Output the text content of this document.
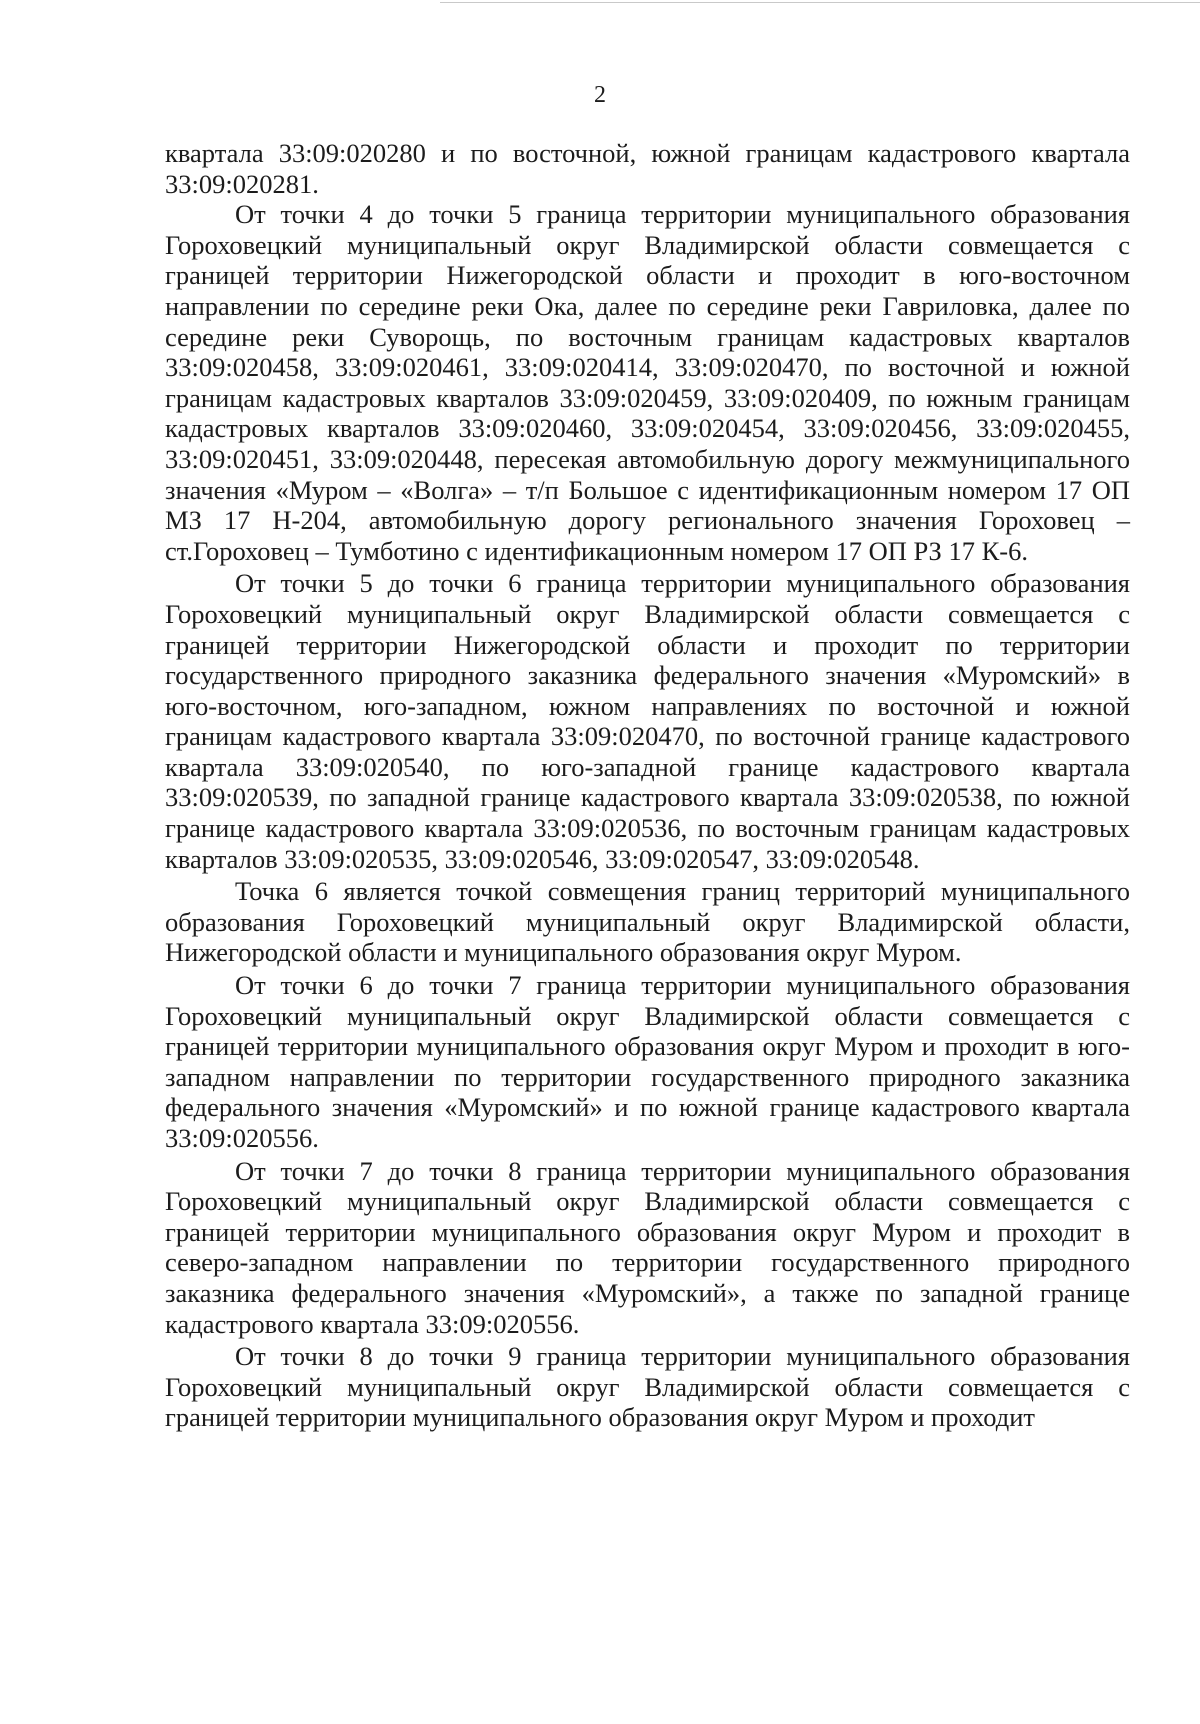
2

квартала 33:09:020280 и по восточной, южной границам кадастрового квартала 33:09:020281.

От точки 4 до точки 5 граница территории муниципального образования Гороховецкий муниципальный округ Владимирской области совмещается с границей территории Нижегородской области и проходит в юго-восточном направлении по середине реки Ока, далее по середине реки Гавриловка, далее по середине реки Суворощь, по восточным границам кадастровых кварталов 33:09:020458, 33:09:020461, 33:09:020414, 33:09:020470, по восточной и южной границам кадастровых кварталов 33:09:020459, 33:09:020409, по южным границам кадастровых кварталов 33:09:020460, 33:09:020454, 33:09:020456, 33:09:020455, 33:09:020451, 33:09:020448, пересекая автомобильную дорогу межмуниципального значения «Муром – «Волга» – т/п Большое с идентификационным номером 17 ОП МЗ 17 Н-204, автомобильную дорогу регионального значения Гороховец – ст.Гороховец – Тумботино с идентификационным номером 17 ОП РЗ 17 К-6.

От точки 5 до точки 6 граница территории муниципального образования Гороховецкий муниципальный округ Владимирской области совмещается с границей территории Нижегородской области и проходит по территории государственного природного заказника федерального значения «Муромский» в юго-восточном, юго-западном, южном направлениях по восточной и южной границам кадастрового квартала 33:09:020470, по восточной границе кадастрового квартала 33:09:020540, по юго-западной границе кадастрового квартала 33:09:020539, по западной границе кадастрового квартала 33:09:020538, по южной границе кадастрового квартала 33:09:020536, по восточным границам кадастровых кварталов 33:09:020535, 33:09:020546, 33:09:020547, 33:09:020548.

Точка 6 является точкой совмещения границ территорий муниципального образования Гороховецкий муниципальный округ Владимирской области, Нижегородской области и муниципального образования округ Муром.

От точки 6 до точки 7 граница территории муниципального образования Гороховецкий муниципальный округ Владимирской области совмещается с границей территории муниципального образования округ Муром и проходит в юго-западном направлении по территории государственного природного заказника федерального значения «Муромский» и по южной границе кадастрового квартала 33:09:020556.

От точки 7 до точки 8 граница территории муниципального образования Гороховецкий муниципальный округ Владимирской области совмещается с границей территории муниципального образования округ Муром и проходит в северо-западном направлении по территории государственного природного заказника федерального значения «Муромский», а также по западной границе кадастрового квартала 33:09:020556.

От точки 8 до точки 9 граница территории муниципального образования Гороховецкий муниципальный округ Владимирской области совмещается с границей территории муниципального образования округ Муром и проходит
